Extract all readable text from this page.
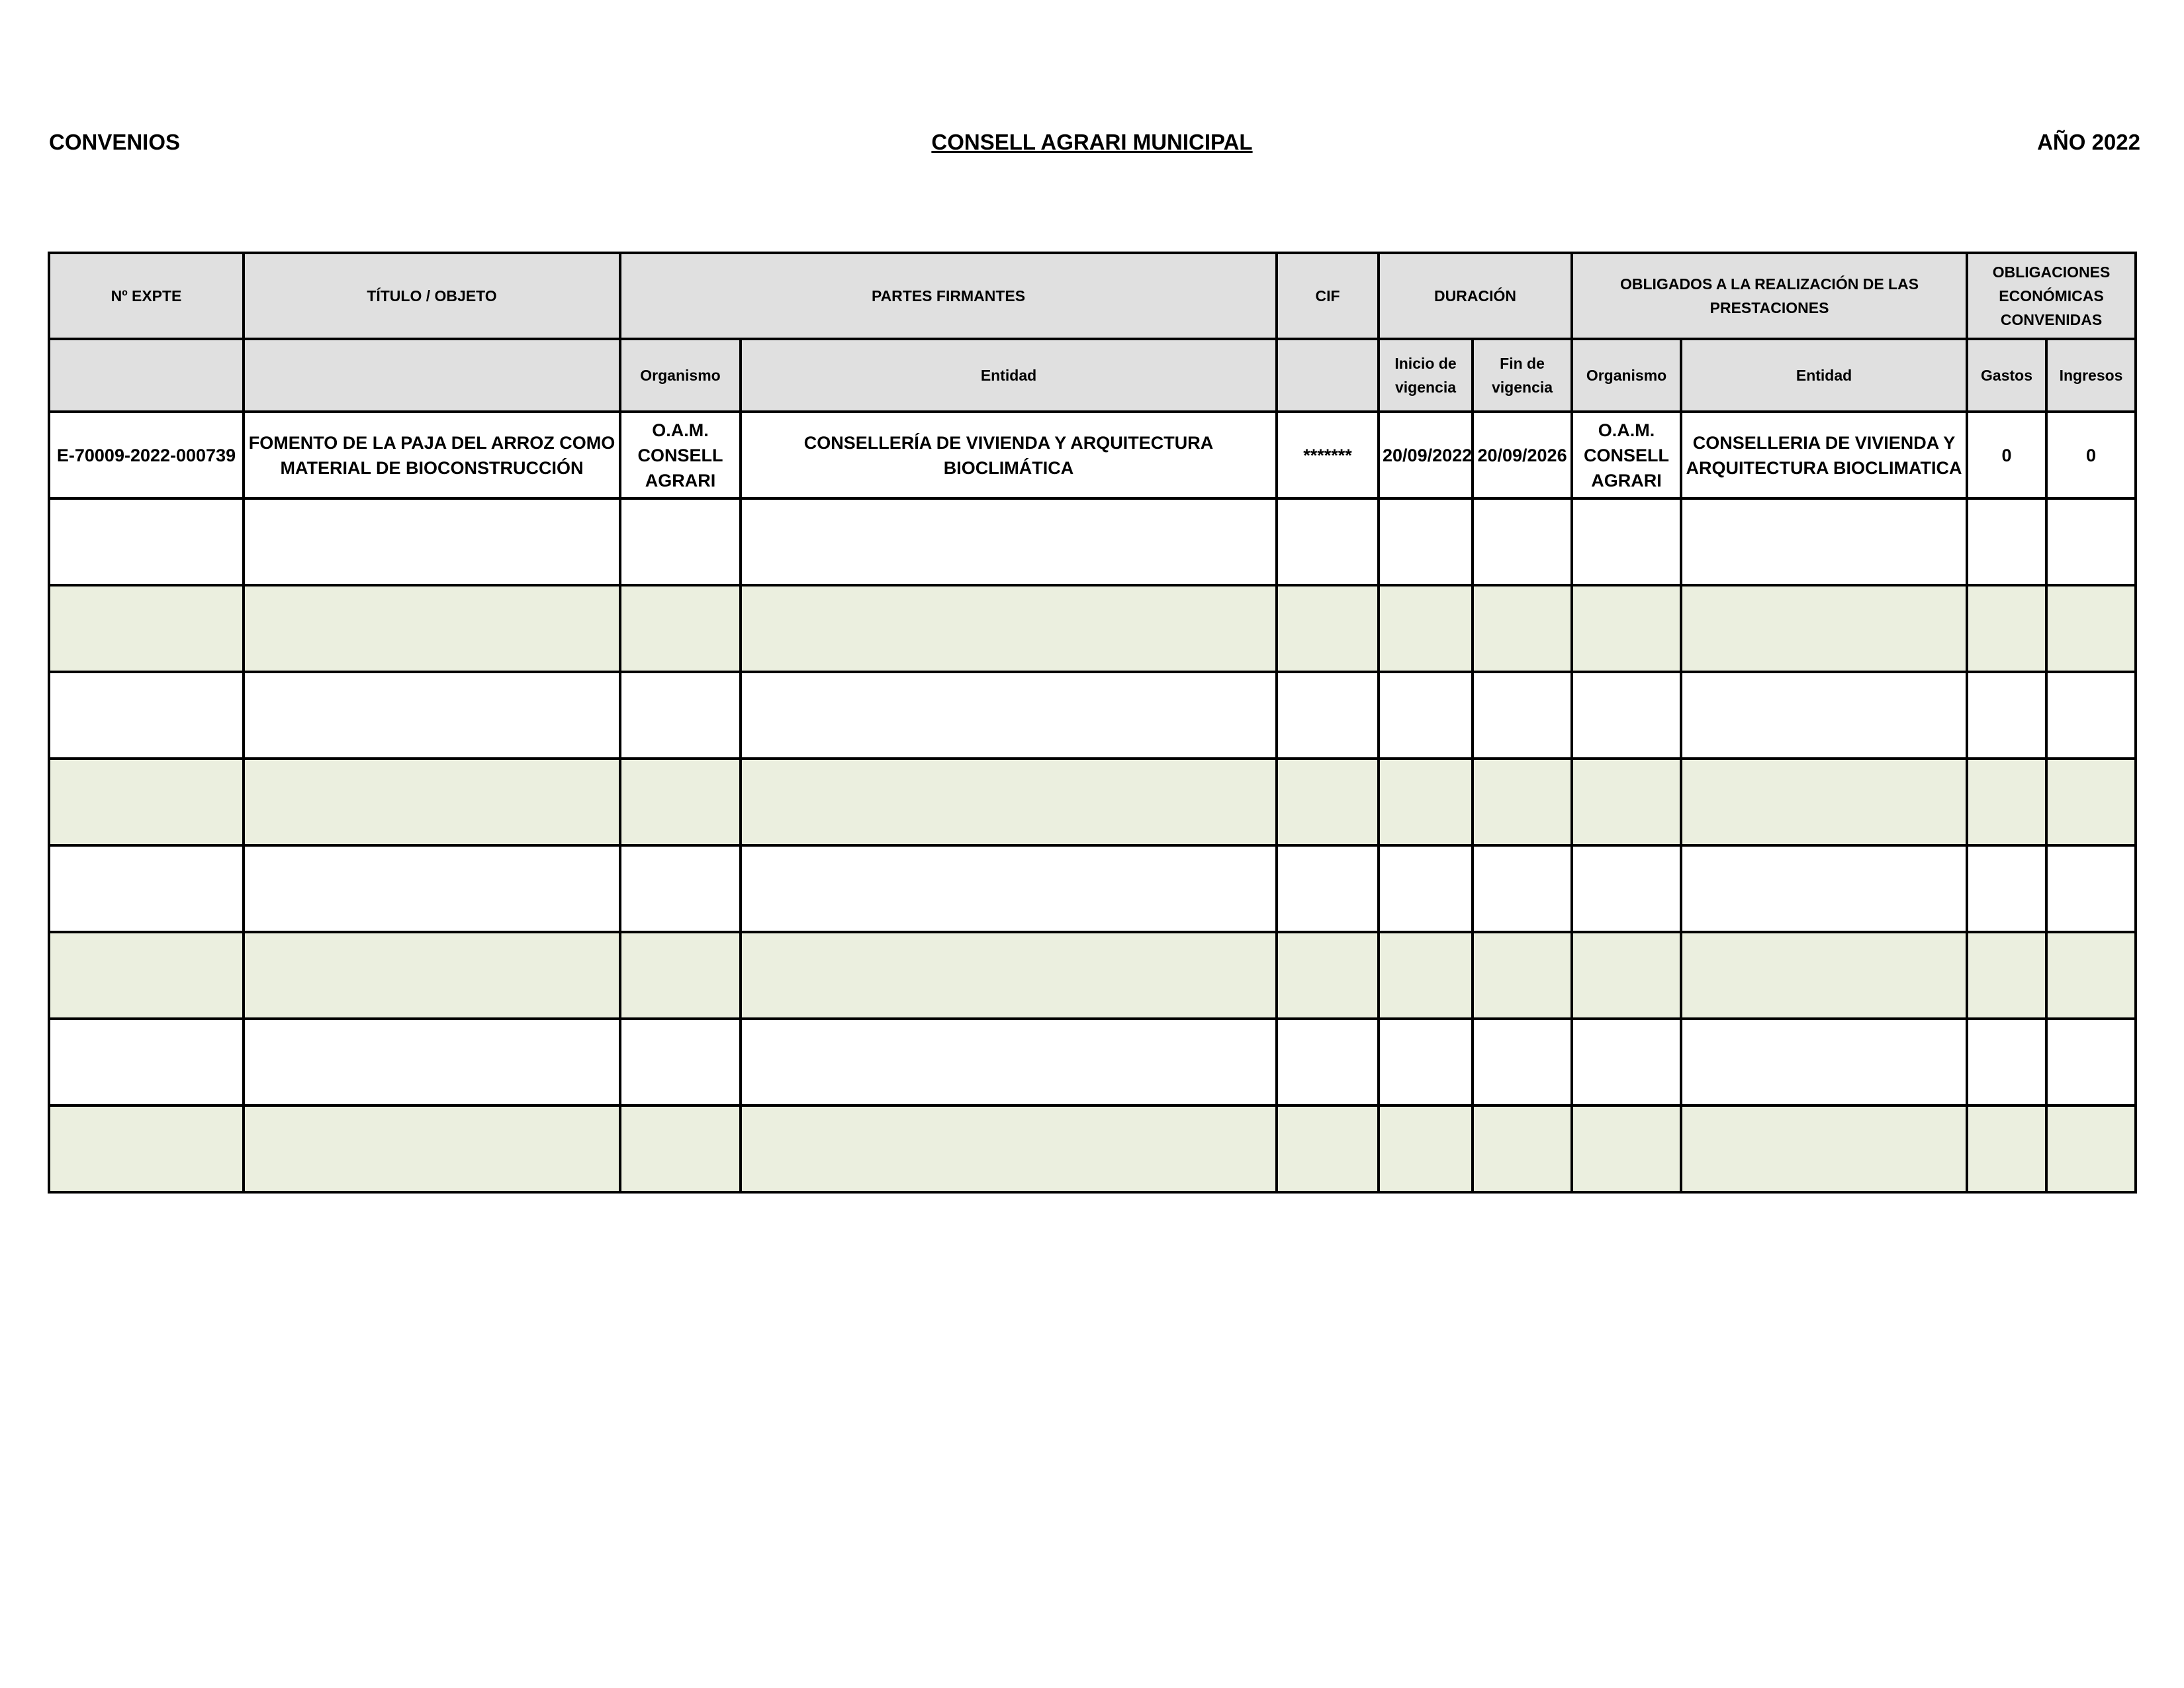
CONVENIOS	CONSELL AGRARI MUNICIPAL	AÑO 2022
Nº EXPTE	TÍTULO / OBJETO	PARTES FIRMANTES		CIF	DURACIÓN		OBLIGADOS A LA REALIZACIÓN DE LAS PRESTACIONES		OBLIGACIONES ECONÓMICAS CONVENIDAS	
		Organismo	Entidad		Inicio de vigencia	Fin de vigencia	Organismo	Entidad	Gastos	Ingresos
E-70009-2022-000739	FOMENTO DE LA PAJA DEL ARROZ COMO MATERIAL DE BIOCONSTRUCCIÓN	O.A.M. CONSELL AGRARI	CONSELLERÍA DE VIVIENDA Y ARQUITECTURA BIOCLIMÁTICA	*******	20/09/2022	20/09/2026	O.A.M. CONSELL AGRARI	CONSELLERIA DE VIVIENDA Y ARQUITECTURA BIOCLIMATICA	0	0
